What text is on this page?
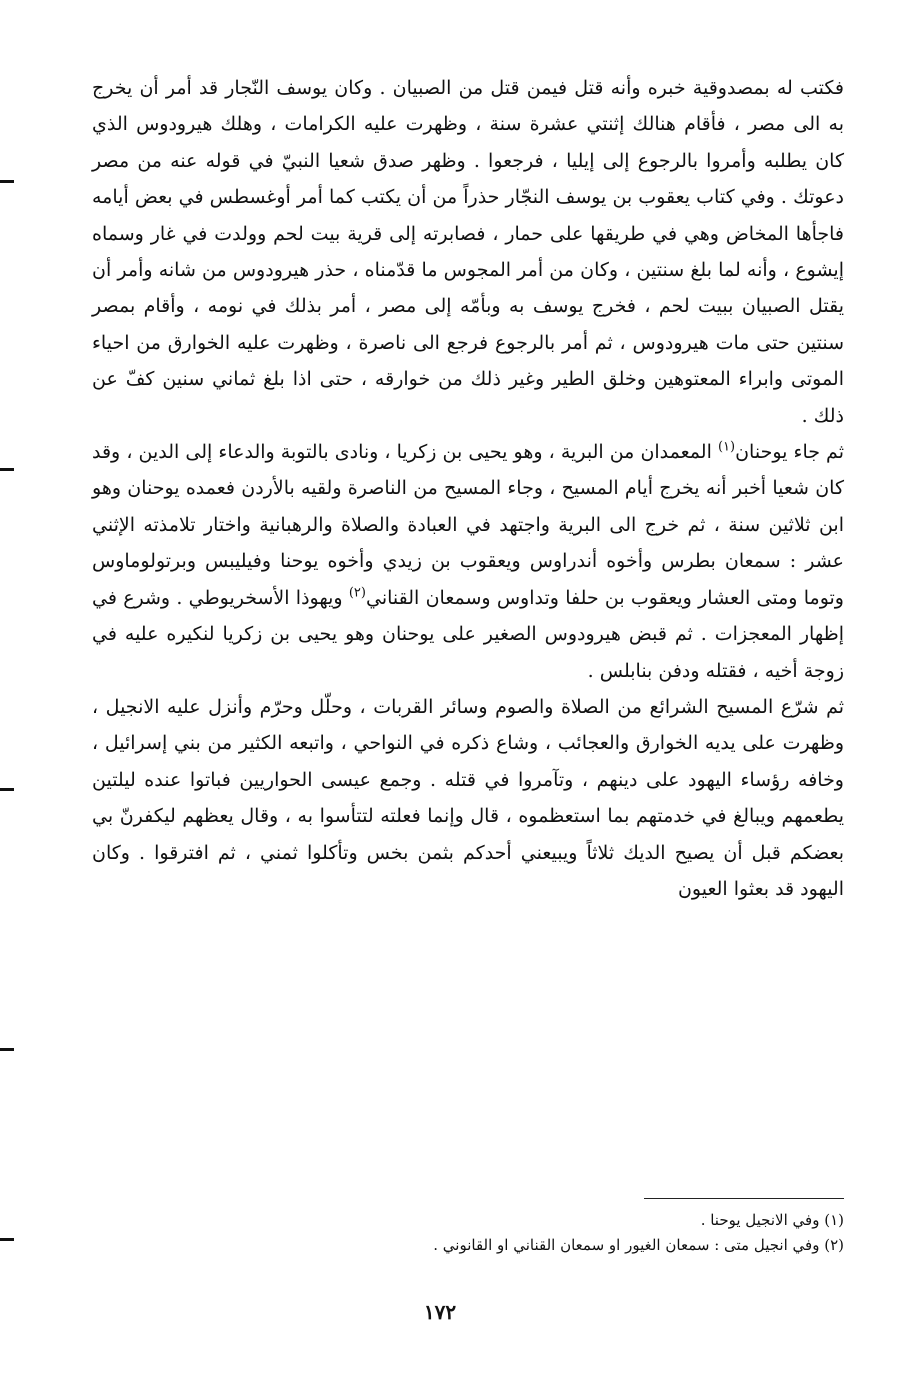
فكتب له بمصدوقية خبره وأنه قتل فيمن قتل من الصبيان . وكان يوسف النّجار قد أمر أن يخرج به الى مصر ، فأقام هنالك إثنتي عشرة سنة ، وظهرت عليه الكرامات ، وهلك هيرودوس الذي كان يطلبه وأمروا بالرجوع إلى إيليا ، فرجعوا . وظهر صدق شعيا النبيّ في قوله عنه من مصر دعوتك . وفي كتاب يعقوب بن يوسف النجّار حذراً من أن يكتب كما أمر أوغسطس في بعض أيامه فاجأها المخاض وهي في طريقها على حمار ، فصابرته إلى قرية بيت لحم وولدت في غار وسماه إيشوع ، وأنه لما بلغ سنتين ، وكان من أمر المجوس ما قدّمناه ، حذر هيرودوس من شانه وأمر أن يقتل الصبيان ببيت لحم ، فخرج يوسف به وبأمّه إلى مصر ، أمر بذلك في نومه ، وأقام بمصر سنتين حتى مات هيرودوس ، ثم أمر بالرجوع فرجع الى ناصرة ، وظهرت عليه الخوارق من احياء الموتى وابراء المعتوهين وخلق الطير وغير ذلك من خوارقه ، حتى اذا بلغ ثماني سنين كفّ عن ذلك .

ثم جاء يوحنان$^{(١)}$ المعمدان من البرية ، وهو يحيى بن زكريا ، ونادى بالتوبة والدعاء إلى الدين ، وقد كان شعيا أخبر أنه يخرج أيام المسيح ، وجاء المسيح من الناصرة ولقيه بالأردن فعمده يوحنان وهو ابن ثلاثين سنة ، ثم خرج الى البرية واجتهد في العبادة والصلاة والرهبانية واختار تلامذته الإثني عشر : سمعان بطرس وأخوه أندراوس ويعقوب بن زيدي وأخوه يوحنا وفيليبس وبرتولوماوس وتوما ومتى العشار ويعقوب بن حلفا وتداوس وسمعان القناني$^{(٢)}$ ويهوذا الأسخريوطي . وشرع في إظهار المعجزات . ثم قبض هيرودوس الصغير على يوحنان وهو يحيى بن زكريا لنكيره عليه في زوجة أخيه ، فقتله ودفن بنابلس .

ثم شرّع المسيح الشرائع من الصلاة والصوم وسائر القربات ، وحلّل وحرّم وأنزل عليه الانجيل ، وظهرت على يديه الخوارق والعجائب ، وشاع ذكره في النواحي ، واتبعه الكثير من بني إسرائيل ، وخافه رؤساء اليهود على دينهم ، وتآمروا في قتله . وجمع عيسى الحواريين فباتوا عنده ليلتين يطعمهم ويبالغ في خدمتهم بما استعظموه ، قال وإنما فعلته لتتأسوا به ، وقال يعظهم ليكفرنّ بي بعضكم قبل أن يصيح الديك ثلاثاً ويبيعني أحدكم بثمن بخس وتأكلوا ثمني ، ثم افترقوا . وكان اليهود قد بعثوا العيون

(١) وفي الانجيل يوحنا .

(٢) وفي انجيل متى : سمعان الغيور او سمعان القناني او القانوني .

١٧٢
